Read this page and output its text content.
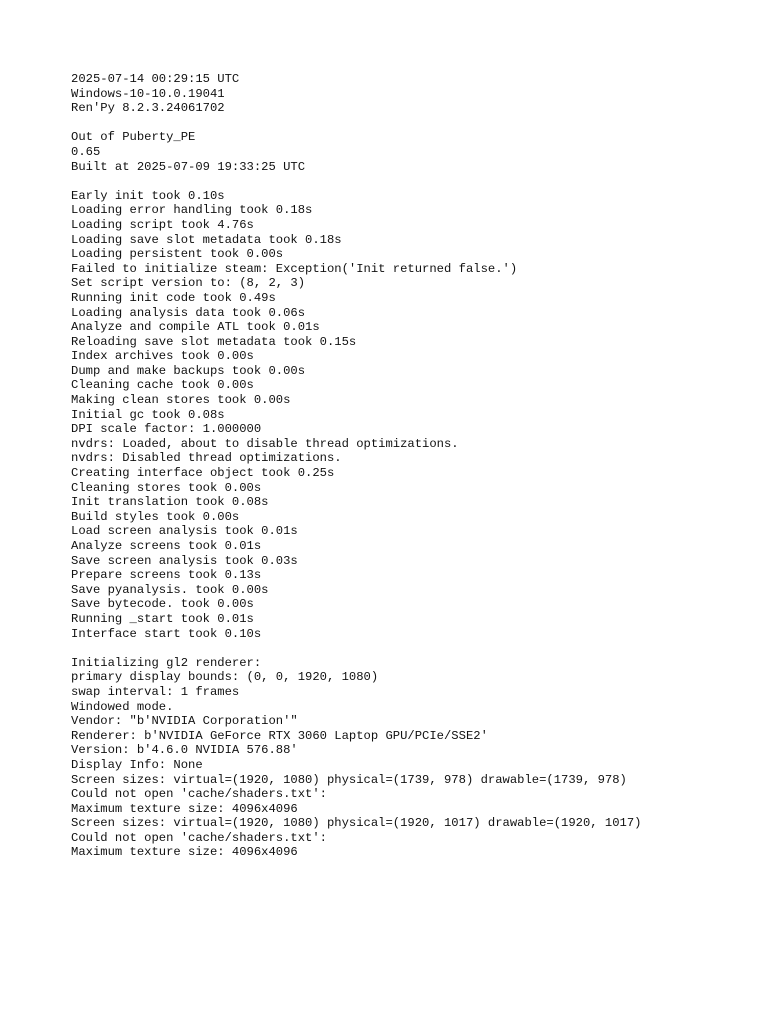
2025-07-14 00:29:15 UTC
Windows-10-10.0.19041
Ren'Py 8.2.3.24061702
Out of Puberty_PE
0.65
Built at 2025-07-09 19:33:25 UTC
Early init took 0.10s
Loading error handling took 0.18s
Loading script took 4.76s
Loading save slot metadata took 0.18s
Loading persistent took 0.00s
Failed to initialize steam: Exception('Init returned false.')
Set script version to: (8, 2, 3)
Running init code took 0.49s
Loading analysis data took 0.06s
Analyze and compile ATL took 0.01s
Reloading save slot metadata took 0.15s
Index archives took 0.00s
Dump and make backups took 0.00s
Cleaning cache took 0.00s
Making clean stores took 0.00s
Initial gc took 0.08s
DPI scale factor: 1.000000
nvdrs: Loaded, about to disable thread optimizations.
nvdrs: Disabled thread optimizations.
Creating interface object took 0.25s
Cleaning stores took 0.00s
Init translation took 0.08s
Build styles took 0.00s
Load screen analysis took 0.01s
Analyze screens took 0.01s
Save screen analysis took 0.03s
Prepare screens took 0.13s
Save pyanalysis. took 0.00s
Save bytecode. took 0.00s
Running _start took 0.01s
Interface start took 0.10s
Initializing gl2 renderer:
primary display bounds: (0, 0, 1920, 1080)
swap interval: 1 frames
Windowed mode.
Vendor: "b'NVIDIA Corporation'"
Renderer: b'NVIDIA GeForce RTX 3060 Laptop GPU/PCIe/SSE2'
Version: b'4.6.0 NVIDIA 576.88'
Display Info: None
Screen sizes: virtual=(1920, 1080) physical=(1739, 978) drawable=(1739, 978)
Could not open 'cache/shaders.txt':
Maximum texture size: 4096x4096
Screen sizes: virtual=(1920, 1080) physical=(1920, 1017) drawable=(1920, 1017)
Could not open 'cache/shaders.txt':
Maximum texture size: 4096x4096
